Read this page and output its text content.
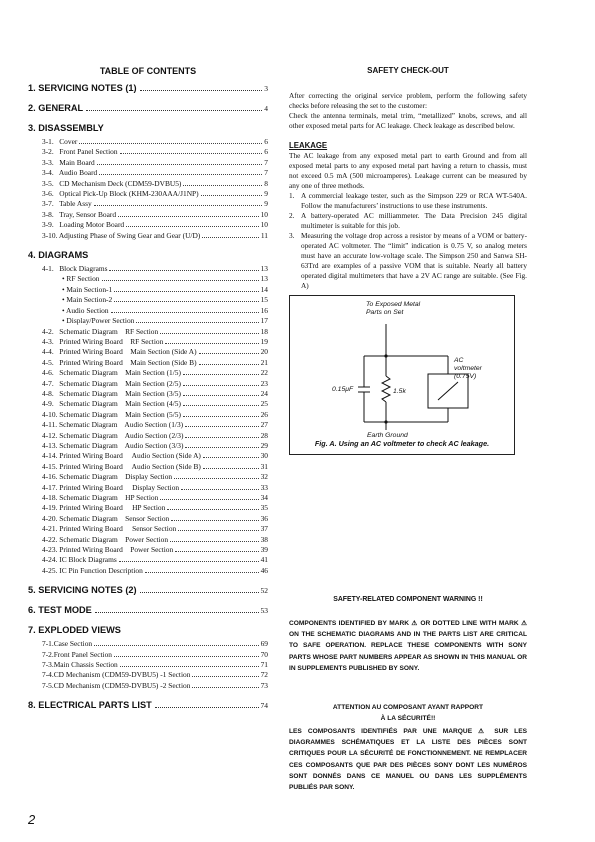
TABLE OF CONTENTS
1. SERVICING NOTES (1)	3
2. GENERAL	4
3. DISASSEMBLY
3-1.   Cover	6
3-2.   Front Panel Section	6
3-3.   Main Board	7
3-4.   Audio Board	7
3-5.   CD Mechanism Deck (CDM59-DVBU5)	8
3-6.   Optical Pick-Up Block (KHM-230AAA/J1NP)	9
3-7.   Table Assy	9
3-8.   Tray, Sensor Board	10
3-9.   Loading Motor Board	10
3-10. Adjusting Phase of Swing Gear and Gear (U/D)	11
4. DIAGRAMS
4-1.   Block Diagrams	13
• RF Section	13
• Main Section-1	14
• Main Section-2	15
• Audio Section	16
• Display/Power Section	17
4-2.   Schematic Diagram    RF Section	18
4-3.   Printed Wiring Board    RF Section	19
4-4.   Printed Wiring Board    Main Section (Side A)	20
4-5.   Printed Wiring Board    Main Section (Side B)	21
4-6.   Schematic Diagram    Main Section (1/5)	22
4-7.   Schematic Diagram    Main Section (2/5)	23
4-8.   Schematic Diagram    Main Section (3/5)	24
4-9.   Schematic Diagram    Main Section (4/5)	25
4-10. Schematic Diagram    Main Section (5/5)	26
4-11. Schematic Diagram    Audio Section (1/3)	27
4-12. Schematic Diagram    Audio Section (2/3)	28
4-13. Schematic Diagram    Audio Section (3/3)	29
4-14. Printed Wiring Board     Audio Section (Side A)	30
4-15. Printed Wiring Board     Audio Section (Side B)	31
4-16. Schematic Diagram    Display Section	32
4-17. Printed Wiring Board     Display Section	33
4-18. Schematic Diagram    HP Section	34
4-19. Printed Wiring Board     HP Section	35
4-20. Schematic Diagram    Sensor Section	36
4-21. Printed Wiring Board     Sensor Section	37
4-22. Schematic Diagram    Power Section	38
4-23. Printed Wiring Board    Power Section	39
4-24. IC Block Diagrams	41
4-25. IC Pin Function Description	46
5. SERVICING NOTES (2)	52
6. TEST MODE	53
7. EXPLODED VIEWS
7-1.Case Section	69
7-2.Front Panel Section	70
7-3.Main Chassis Section	71
7-4.CD Mechanism (CDM59-DVBU5) -1 Section	72
7-5.CD Mechanism (CDM59-DVBU5) -2 Section	73
8. ELECTRICAL PARTS LIST	74
SAFETY CHECK-OUT

After correcting the original service problem, perform the following safety checks before releasing the set to the customer:

Check the antenna terminals, metal trim, “metallized” knobs, screws, and all other exposed metal parts for AC leakage. Check leakage as described below.

LEAKAGE

The AC leakage from any exposed metal part to earth Ground and from all exposed metal parts to any exposed metal part having a return to chassis, must not exceed 0.5 mA (500 microamperes). Leakage current can be measured by any one of three methods.

1. A commercial leakage tester, such as the Simpson 229 or RCA WT-540A. Follow the manufacturers’ instructions to use these instruments.
2. A battery-operated AC milliammeter. The Data Precision 245 digital multimeter is suitable for this job.
3. Measuring the voltage drop across a resistor by means of a VOM or battery-operated AC voltmeter. The “limit” indication is 0.75 V, so analog meters must have an accurate low-voltage scale. The Simpson 250 and Sanwa SH-63Trd are examples of a passive VOM that is suitable. Nearly all battery operated digital multimeters that have a 2V AC range are suitable. (See Fig. A)
To Exposed Metal
Parts on Set
0.15μF	1.5k
AC
voltmeter
(0.75V)
Earth Ground
Fig. A. Using an AC voltmeter to check AC leakage.
SAFETY-RELATED COMPONENT WARNING !!
COMPONENTS IDENTIFIED BY MARK ⚠ OR DOTTED LINE WITH MARK ⚠ ON THE SCHEMATIC DIAGRAMS AND IN THE PARTS LIST ARE CRITICAL TO SAFE OPERATION. REPLACE THESE COMPONENTS WITH SONY PARTS WHOSE PART NUMBERS APPEAR AS SHOWN IN THIS MANUAL OR IN SUPPLEMENTS PUBLISHED BY SONY.
ATTENTION AU COMPOSANT AYANT RAPPORT
À LA SÉCURITÉ!!
LES COMPOSANTS IDENTIFIÉS PAR UNE MARQUE ⚠ SUR LES DIAGRAMMES SCHÉMATIQUES ET LA LISTE DES PIÈCES SONT CRITIQUES POUR LA SÉCURITÉ DE FONCTIONNEMENT. NE REMPLACER CES COMPOSANTS QUE PAR DES PIÈCES SONY DONT LES NUMÉROS SONT DONNÉS DANS CE MANUEL OU DANS LES SUPPLÉMENTS PUBLIÉS PAR SONY.
2
